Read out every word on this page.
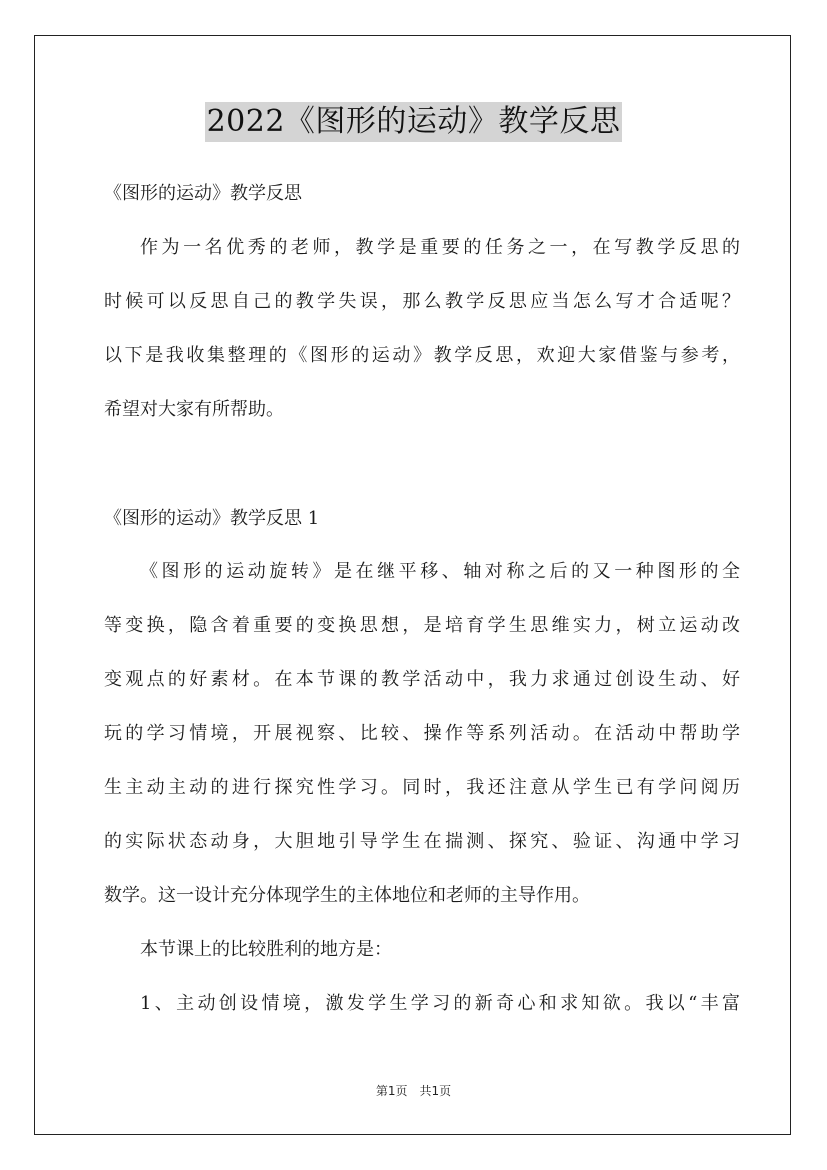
2022《图形的运动》教学反思
《图形的运动》教学反思
作为一名优秀的老师，教学是重要的任务之一，在写教学反思的
时候可以反思自己的教学失误，那么教学反思应当怎么写才合适呢？
以下是我收集整理的《图形的运动》教学反思，欢迎大家借鉴与参考，
希望对大家有所帮助。
《图形的运动》教学反思 1
《图形的运动旋转》是在继平移、轴对称之后的又一种图形的全
等变换，隐含着重要的变换思想，是培育学生思维实力，树立运动改
变观点的好素材。在本节课的教学活动中，我力求通过创设生动、好
玩的学习情境，开展视察、比较、操作等系列活动。在活动中帮助学
生主动主动的进行探究性学习。同时，我还注意从学生已有学问阅历
的实际状态动身，大胆地引导学生在揣测、探究、验证、沟通中学习
数学。这一设计充分体现学生的主体地位和老师的主导作用。
本节课上的比较胜利的地方是：
1、主动创设情境，激发学生学习的新奇心和求知欲。我以“丰富
第1页　共1页
